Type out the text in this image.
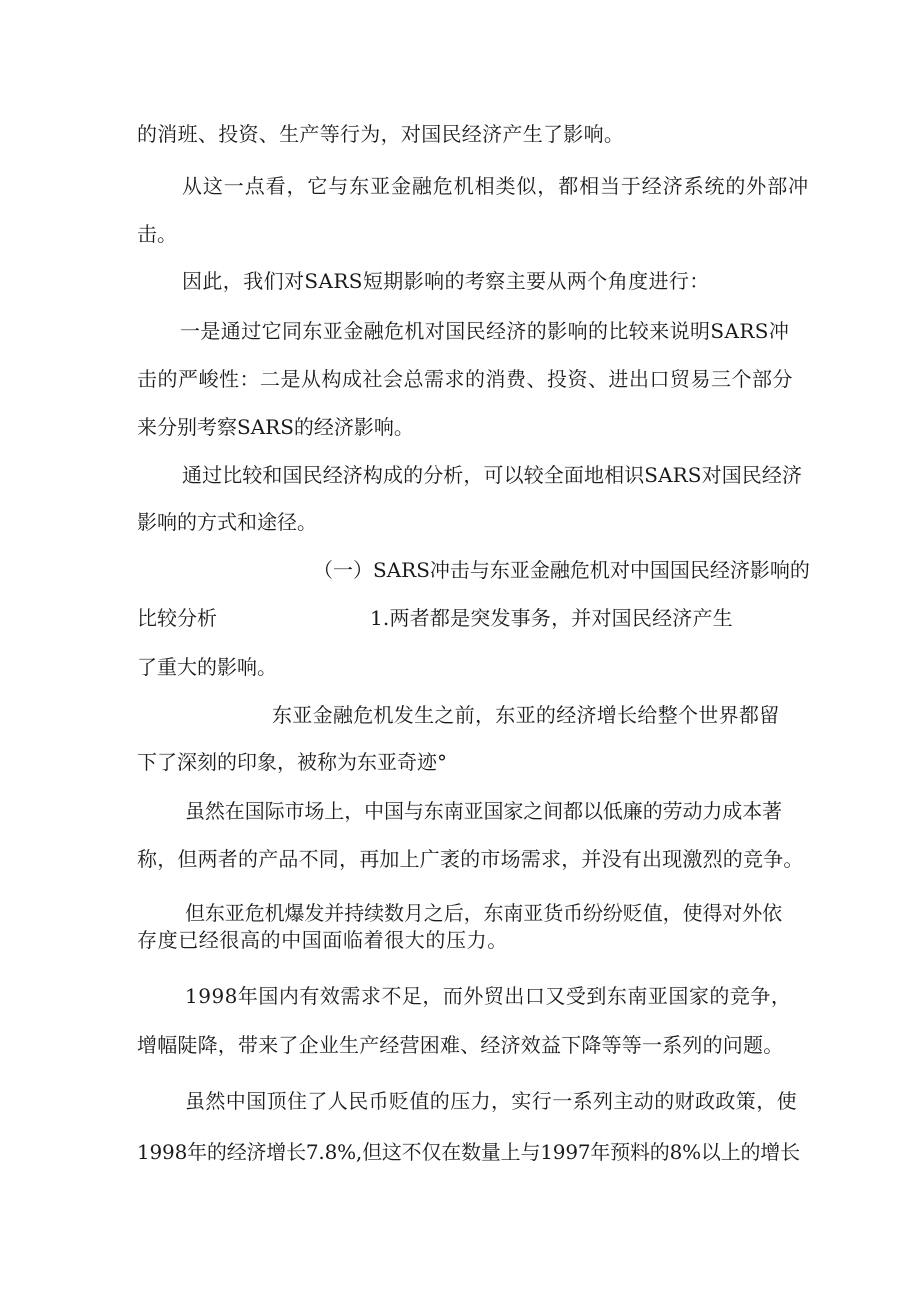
的消班、投资、生产等行为，对国民经济产生了影响。

从这一点看，它与东亚金融危机相类似，都相当于经济系统的外部冲

击。

因此，我们对SARS短期影响的考察主要从两个角度进行：

一是通过它同东亚金融危机对国民经济的影响的比较来说明SARS冲

击的严峻性：二是从构成社会总需求的消费、投资、进出口贸易三个部分

来分别考察SARS的经济影响。

通过比较和国民经济构成的分析，可以较全面地相识SARS对国民经济

影响的方式和途径。

（一）SARS冲击与东亚金融危机对中国国民经济影响的

比较分析	1.两者都是突发事务，并对国民经济产生

了重大的影响。

东亚金融危机发生之前，东亚的经济增长给整个世界都留

下了深刻的印象，被称为东亚奇迹°

虽然在国际市场上，中国与东南亚国家之间都以低廉的劳动力成本著

称，但两者的产品不同，再加上广袤的市场需求，并没有出现激烈的竞争。

但东亚危机爆发并持续数月之后，东南亚货币纷纷贬值，使得对外依

存度已经很高的中国面临着很大的压力。

1998年国内有效需求不足，而外贸出口又受到东南亚国家的竞争，

增幅陡降，带来了企业生产经营困难、经济效益下降等等一系列的问题。

虽然中国顶住了人民币贬值的压力，实行一系列主动的财政政策，使

1998年的经济增长7.8%,但这不仅在数量上与1997年预料的8%以上的增长
